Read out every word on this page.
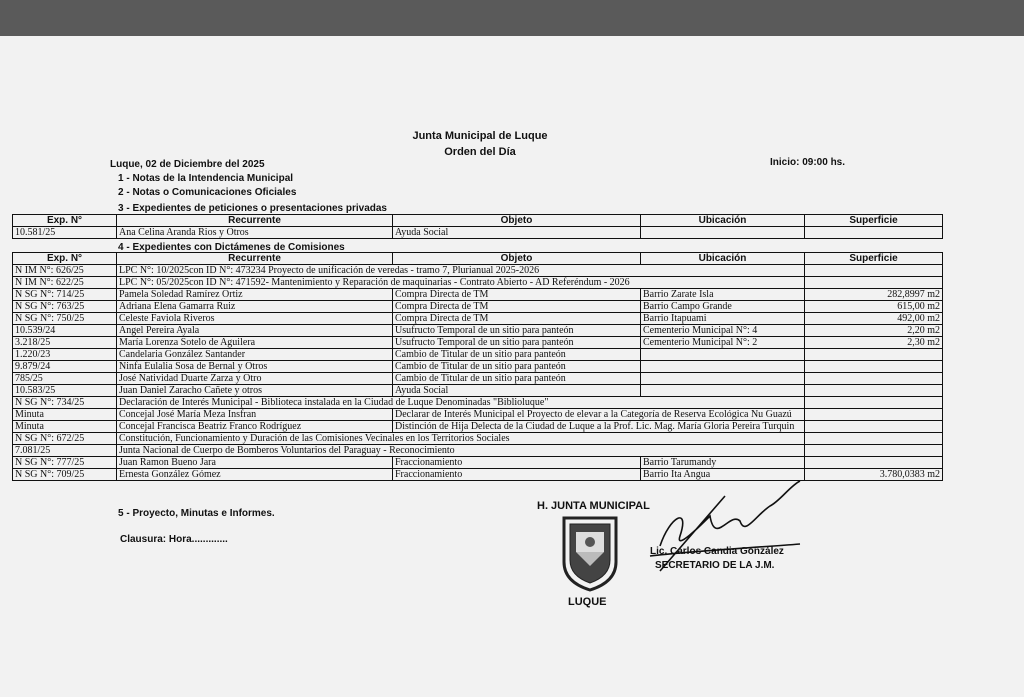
Junta Municipal de Luque
Orden del Día
Luque, 02 de Diciembre del 2025	Inicio: 09:00 hs.
1 - Notas de la Intendencia Municipal
2 - Notas o Comunicaciones Oficiales
3 - Expedientes de peticiones o presentaciones privadas
Exp. N°	Recurrente	Objeto	Ubicación	Superficie
10.581/25	Ana Celina Aranda Rios y Otros	Ayuda Social		
4 - Expedientes con Dictámenes de Comisiones
Exp. N°	Recurrente	Objeto	Ubicación	Superficie
N IM N°: 626/25	LPC N°: 10/2025con ID N°: 473234 Proyecto de unificación de veredas - tramo 7, Plurianual 2025-2026			
N IM N°: 622/25	LPC N°: 05/2025con ID N°: 471592- Mantenimiento y Reparación de maquinarias - Contrato Abierto - AD Referéndum - 2026			
N SG N°: 714/25	Pamela Soledad Ramírez Ortiz	Compra Directa de TM	Barrio Zarate Isla	282,8997 m2
N SG N°: 763/25	Adriana Elena Gamarra Ruiz	Compra Directa de TM	Barrio Campo Grande	615,00 m2
N SG N°: 750/25	Celeste Faviola Riveros	Compra Directa de TM	Barrio Itapuami	492,00 m2
10.539/24	Angel Pereira Ayala	Usufructo Temporal de un sitio para panteón	Cementerio Municipal N°: 4	2,20 m2
3.218/25	María Lorenza Sotelo de Aguilera	Usufructo Temporal de un sitio para panteón	Cementerio Municipal N°: 2	2,30 m2
1.220/23	Candelaria González Santander	Cambio de Titular de un sitio para panteón		
9.879/24	Ninfa Eulalia Sosa de Bernal y Otros	Cambio de Titular de un sitio para panteón		
785/25	José Natividad Duarte Zarza y Otro	Cambio de Titular de un sitio para panteón		
10.583/25	Juan Daniel Zaracho Cañete y otros	Ayuda Social		
N SG N°: 734/25	Declaración de Interés Municipal - Biblioteca instalada en la Ciudad de Luque Denominadas "Biblioluque"			
Minuta	Concejal José María Meza Insfran	Declarar de Interés Municipal el Proyecto de elevar a la Categoría de Reserva Ecológica Nu Guazú		
Minuta	Concejal Francisca Beatriz Franco Rodríguez	Distinción de Hija Delecta de la Ciudad de Luque a la Prof. Lic. Mag. María Gloria Pereira Turquin		
N SG N°: 672/25	Constitución, Funcionamiento y Duración de las Comisiones Vecinales en los Territorios Sociales			
7.081/25	Junta Nacional de Cuerpo de Bomberos Voluntarios del Paraguay - Reconocimiento			
N SG N°: 777/25	Juan Ramon Bueno Jara	Fraccionamiento	Barrio Tarumandy	
N SG N°: 709/25	Ernesta González Gómez	Fraccionamiento	Barrio Ita Angua	3.780,0383 m2
5 - Proyecto, Minutas e Informes.
Clausura: Hora.............
H. JUNTA MUNICIPAL
LUQUE
Lic. Carlos Candia González
SECRETARIO DE LA J.M.
